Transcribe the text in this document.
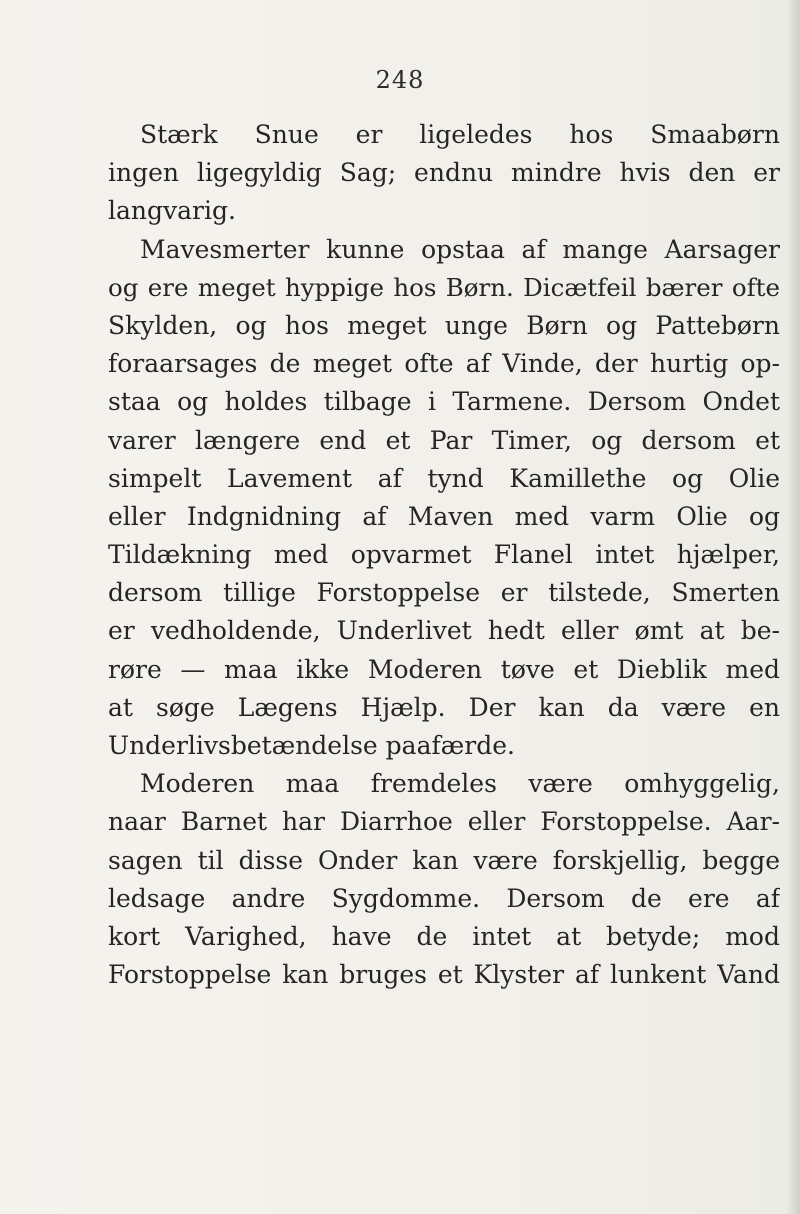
248
Stærk Snue er ligeledes hos Smaabørn
ingen ligegyldig Sag; endnu mindre hvis den er
langvarig.
Mavesmerter kunne opstaa af mange Aarsager
og ere meget hyppige hos Børn. Dicætfeil bærer ofte
Skylden, og hos meget unge Børn og Pattebørn
foraarsages de meget ofte af Vinde, der hurtig op-
staa og holdes tilbage i Tarmene. Dersom Ondet
varer længere end et Par Timer, og dersom et
simpelt Lavement af tynd Kamillethe og Olie
eller Indgnidning af Maven med varm Olie og
Tildækning med opvarmet Flanel intet hjælper,
dersom tillige Forstoppelse er tilstede, Smerten
er vedholdende, Underlivet hedt eller ømt at be-
røre — maa ikke Moderen tøve et Dieblik med
at søge Lægens Hjælp. Der kan da være en
Underlivsbetændelse paafærde.
Moderen maa fremdeles være omhyggelig,
naar Barnet har Diarrhoe eller Forstoppelse. Aar-
sagen til disse Onder kan være forskjellig, begge
ledsage andre Sygdomme. Dersom de ere af
kort Varighed, have de intet at betyde; mod
Forstoppelse kan bruges et Klyster af lunkent Vand
